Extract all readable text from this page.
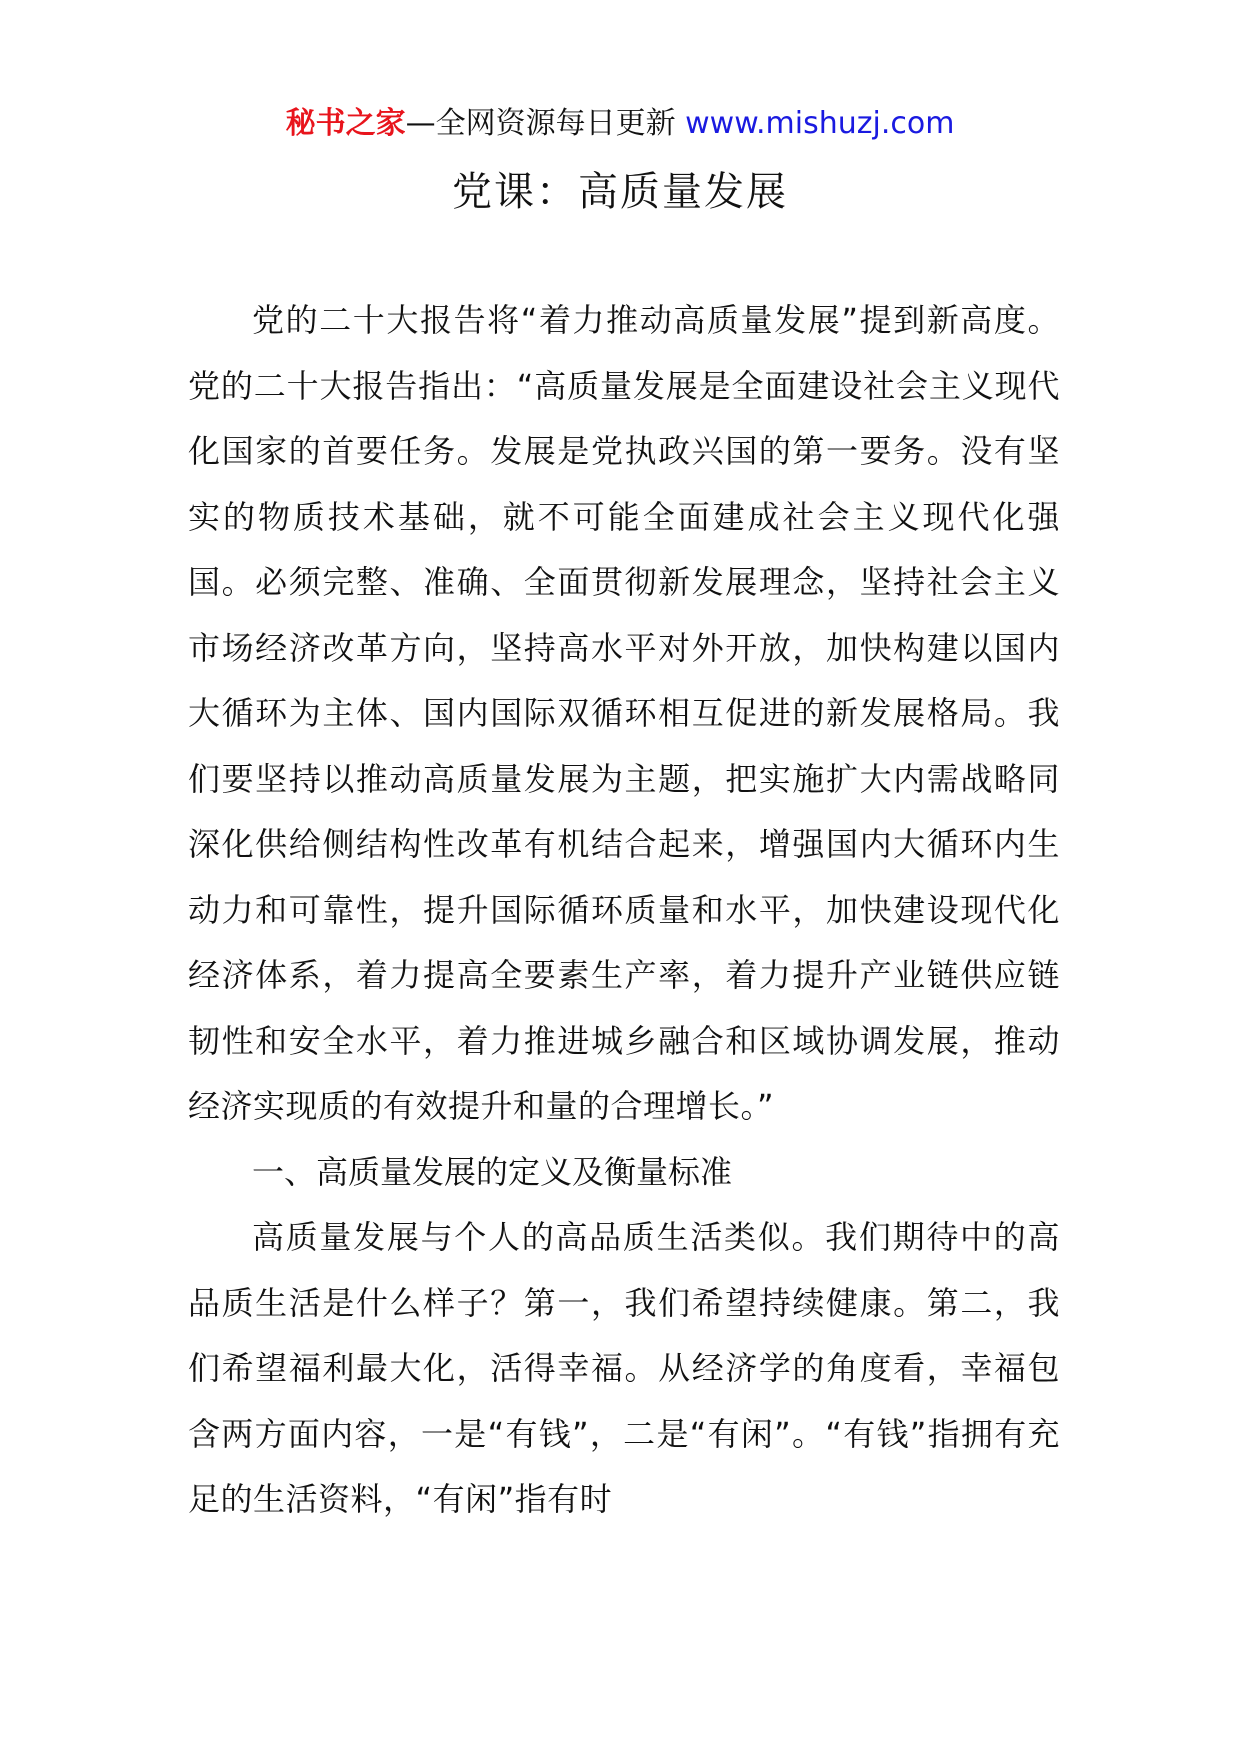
秘书之家—全网资源每日更新 www.mishuzj.com
党课：高质量发展

党的二十大报告将“着力推动高质量发展”提到新高度。党的二十大报告指出：“高质量发展是全面建设社会主义现代化国家的首要任务。发展是党执政兴国的第一要务。没有坚实的物质技术基础，就不可能全面建成社会主义现代化强国。必须完整、准确、全面贯彻新发展理念，坚持社会主义市场经济改革方向，坚持高水平对外开放，加快构建以国内大循环为主体、国内国际双循环相互促进的新发展格局。我们要坚持以推动高质量发展为主题，把实施扩大内需战略同深化供给侧结构性改革有机结合起来，增强国内大循环内生动力和可靠性，提升国际循环质量和水平，加快建设现代化经济体系，着力提高全要素生产率，着力提升产业链供应链韧性和安全水平，着力推进城乡融合和区域协调发展，推动经济实现质的有效提升和量的合理增长。”

一、高质量发展的定义及衡量标准

高质量发展与个人的高品质生活类似。我们期待中的高品质生活是什么样子？第一，我们希望持续健康。第二，我们希望福利最大化，活得幸福。从经济学的角度看，幸福包含两方面内容，一是“有钱”，二是“有闲”。“有钱”指拥有充足的生活资料，“有闲”指有时
